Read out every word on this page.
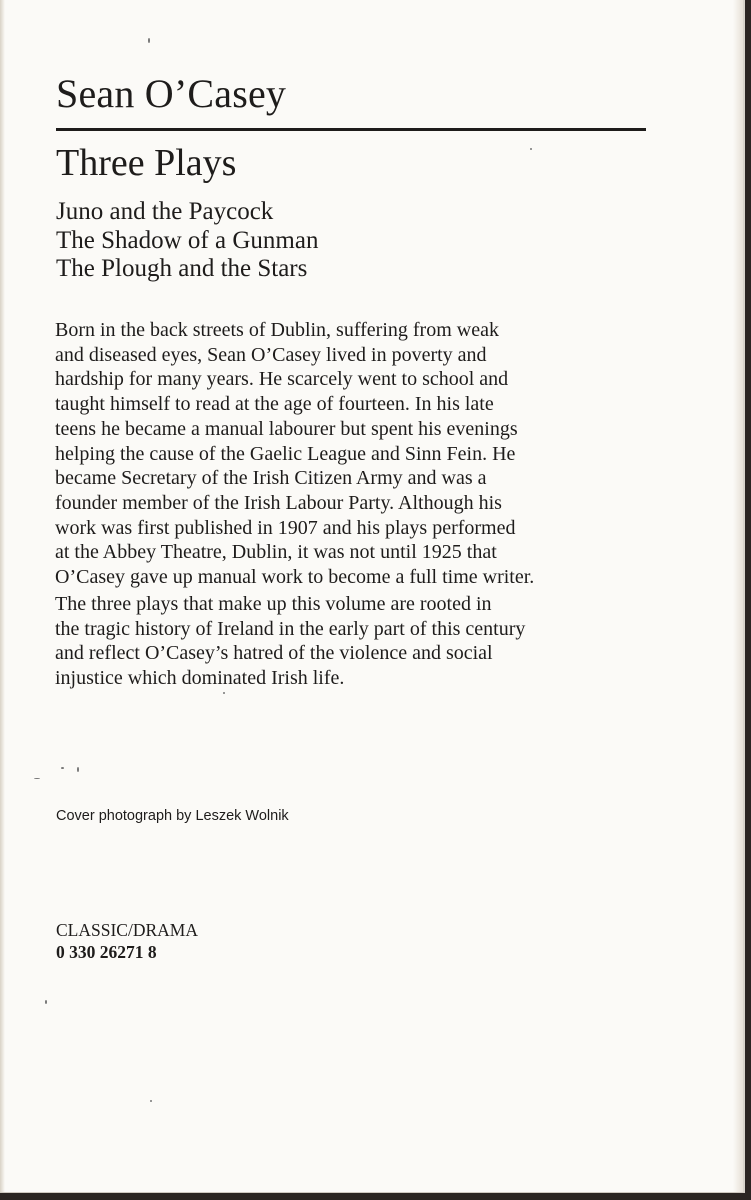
Sean O’Casey
Three Plays
Juno and the Paycock
The Shadow of a Gunman
The Plough and the Stars

Born in the back streets of Dublin, suffering from weak
and diseased eyes, Sean O’Casey lived in poverty and
hardship for many years. He scarcely went to school and
taught himself to read at the age of fourteen. In his late
teens he became a manual labourer but spent his evenings
helping the cause of the Gaelic League and Sinn Fein. He
became Secretary of the Irish Citizen Army and was a
founder member of the Irish Labour Party. Although his
work was first published in 1907 and his plays performed
at the Abbey Theatre, Dublin, it was not until 1925 that
O’Casey gave up manual work to become a full time writer.

The three plays that make up this volume are rooted in
the tragic history of Ireland in the early part of this century
and reflect O’Casey’s hatred of the violence and social
injustice which dominated Irish life.

Cover photograph by Leszek Wolnik

CLASSIC/DRAMA

0 330 26271 8
